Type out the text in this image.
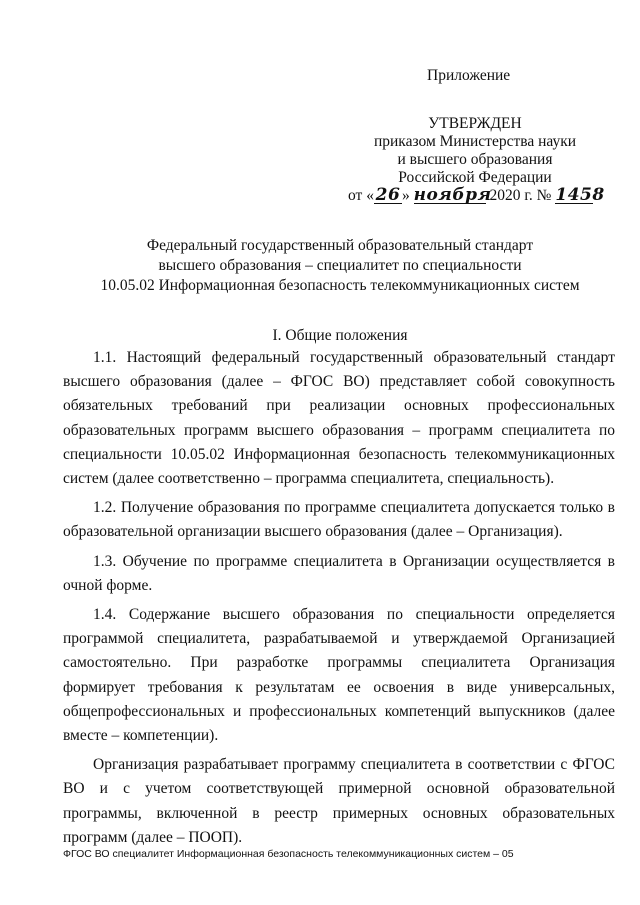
Приложение
УТВЕРЖДЕН
приказом Министерства науки
и высшего образования
Российской Федерации
от «26 » ноября 2020 г. № 1458
Федеральный государственный образовательный стандарт
высшего образования – специалитет по специальности
10.05.02 Информационная безопасность телекоммуникационных систем
I. Общие положения

1.1. Настоящий федеральный государственный образовательный стандарт высшего образования (далее – ФГОС ВО) представляет собой совокупность обязательных требований при реализации основных профессиональных образовательных программ высшего образования – программ специалитета по специальности 10.05.02 Информационная безопасность телекоммуникационных систем (далее соответственно – программа специалитета, специальность).

1.2. Получение образования по программе специалитета допускается только в образовательной организации высшего образования (далее – Организация).

1.3. Обучение по программе специалитета в Организации осуществляется в очной форме.

1.4. Содержание высшего образования по специальности определяется программой специалитета, разрабатываемой и утверждаемой Организацией самостоятельно. При разработке программы специалитета Организация формирует требования к результатам ее освоения в виде универсальных, общепрофессиональных и профессиональных компетенций выпускников (далее вместе – компетенции).

Организация разрабатывает программу специалитета в соответствии с ФГОС ВО и с учетом соответствующей примерной основной образовательной программы, включенной в реестр примерных основных образовательных программ (далее – ПООП).

ФГОС ВО специалитет Информационная безопасность телекоммуникационных систем – 05
